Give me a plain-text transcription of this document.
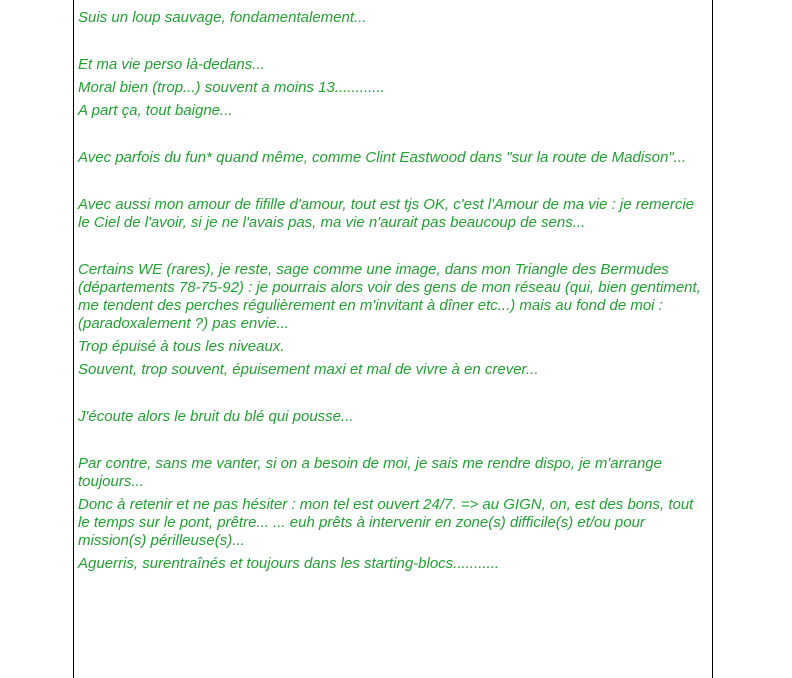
Suis un loup sauvage, fondamentalement...

Et ma vie perso là-dedans...

Moral bien (trop...) souvent a moins 13............

A part ça, tout baigne...

Avec parfois du fun* quand même, comme Clint Eastwood dans "sur la route de Madison"...

Avec aussi mon amour de fifille d'amour, tout est tjs OK, c'est l'Amour de ma vie : je remercie le Ciel de l'avoir, si je ne l'avais pas, ma vie n'aurait pas beaucoup de sens...

Certains WE (rares), je reste, sage comme une image, dans mon Triangle des Bermudes (départements 78-75-92) : je pourrais alors voir des gens de mon réseau (qui, bien gentiment, me tendent des perches régulièrement en m'invitant à dîner etc...) mais au fond de moi : (paradoxalement ?) pas envie...

Trop épuisé à tous les niveaux.

Souvent, trop souvent, épuisement maxi et mal de vivre à en crever...

J'écoute alors le bruit du blé qui pousse...

Par contre, sans me vanter, si on a besoin de moi, je sais me rendre dispo, je m'arrange toujours...

Donc à retenir et ne pas hésiter : mon tel est ouvert 24/7. => au GIGN, on, est des bons, tout le temps sur le pont, prêtre... ... euh prêts à intervenir en zone(s) difficile(s) et/ou pour mission(s) périlleuse(s)...

Aguerris, surentraînés et toujours dans les starting-blocs...........
